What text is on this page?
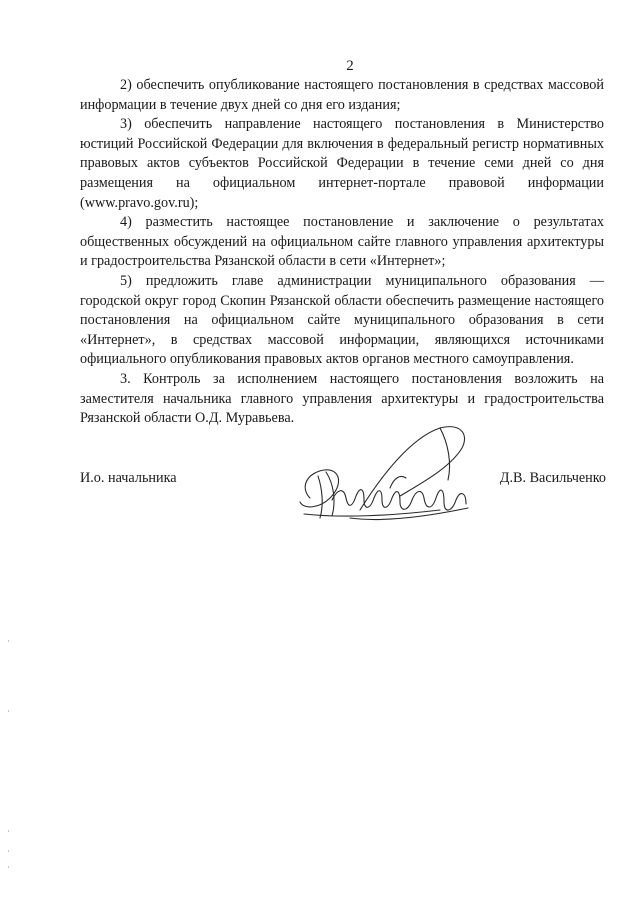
2

2) обеспечить опубликование настоящего постановления в средствах массовой информации в течение двух дней со дня его издания;

3) обеспечить направление настоящего постановления в Министерство юстиций Российской Федерации для включения в федеральный регистр нормативных правовых актов субъектов Российской Федерации в течение семи дней со дня размещения на официальном интернет-портале правовой информации (www.pravo.gov.ru);

4) разместить настоящее постановление и заключение о результатах общественных обсуждений на официальном сайте главного управления архитектуры и градостроительства Рязанской области в сети «Интернет»;

5) предложить главе администрации муниципального образования — городской округ город Скопин Рязанской области обеспечить размещение настоящего постановления на официальном сайте муниципального образования в сети «Интернет», в средствах массовой информации, являющихся источниками официального опубликования правовых актов органов местного самоуправления.

3. Контроль за исполнением настоящего постановления возложить на заместителя начальника главного управления архитектуры и градостроительства Рязанской области О.Д. Муравьева.

И.о. начальника	Д.В. Васильченко
